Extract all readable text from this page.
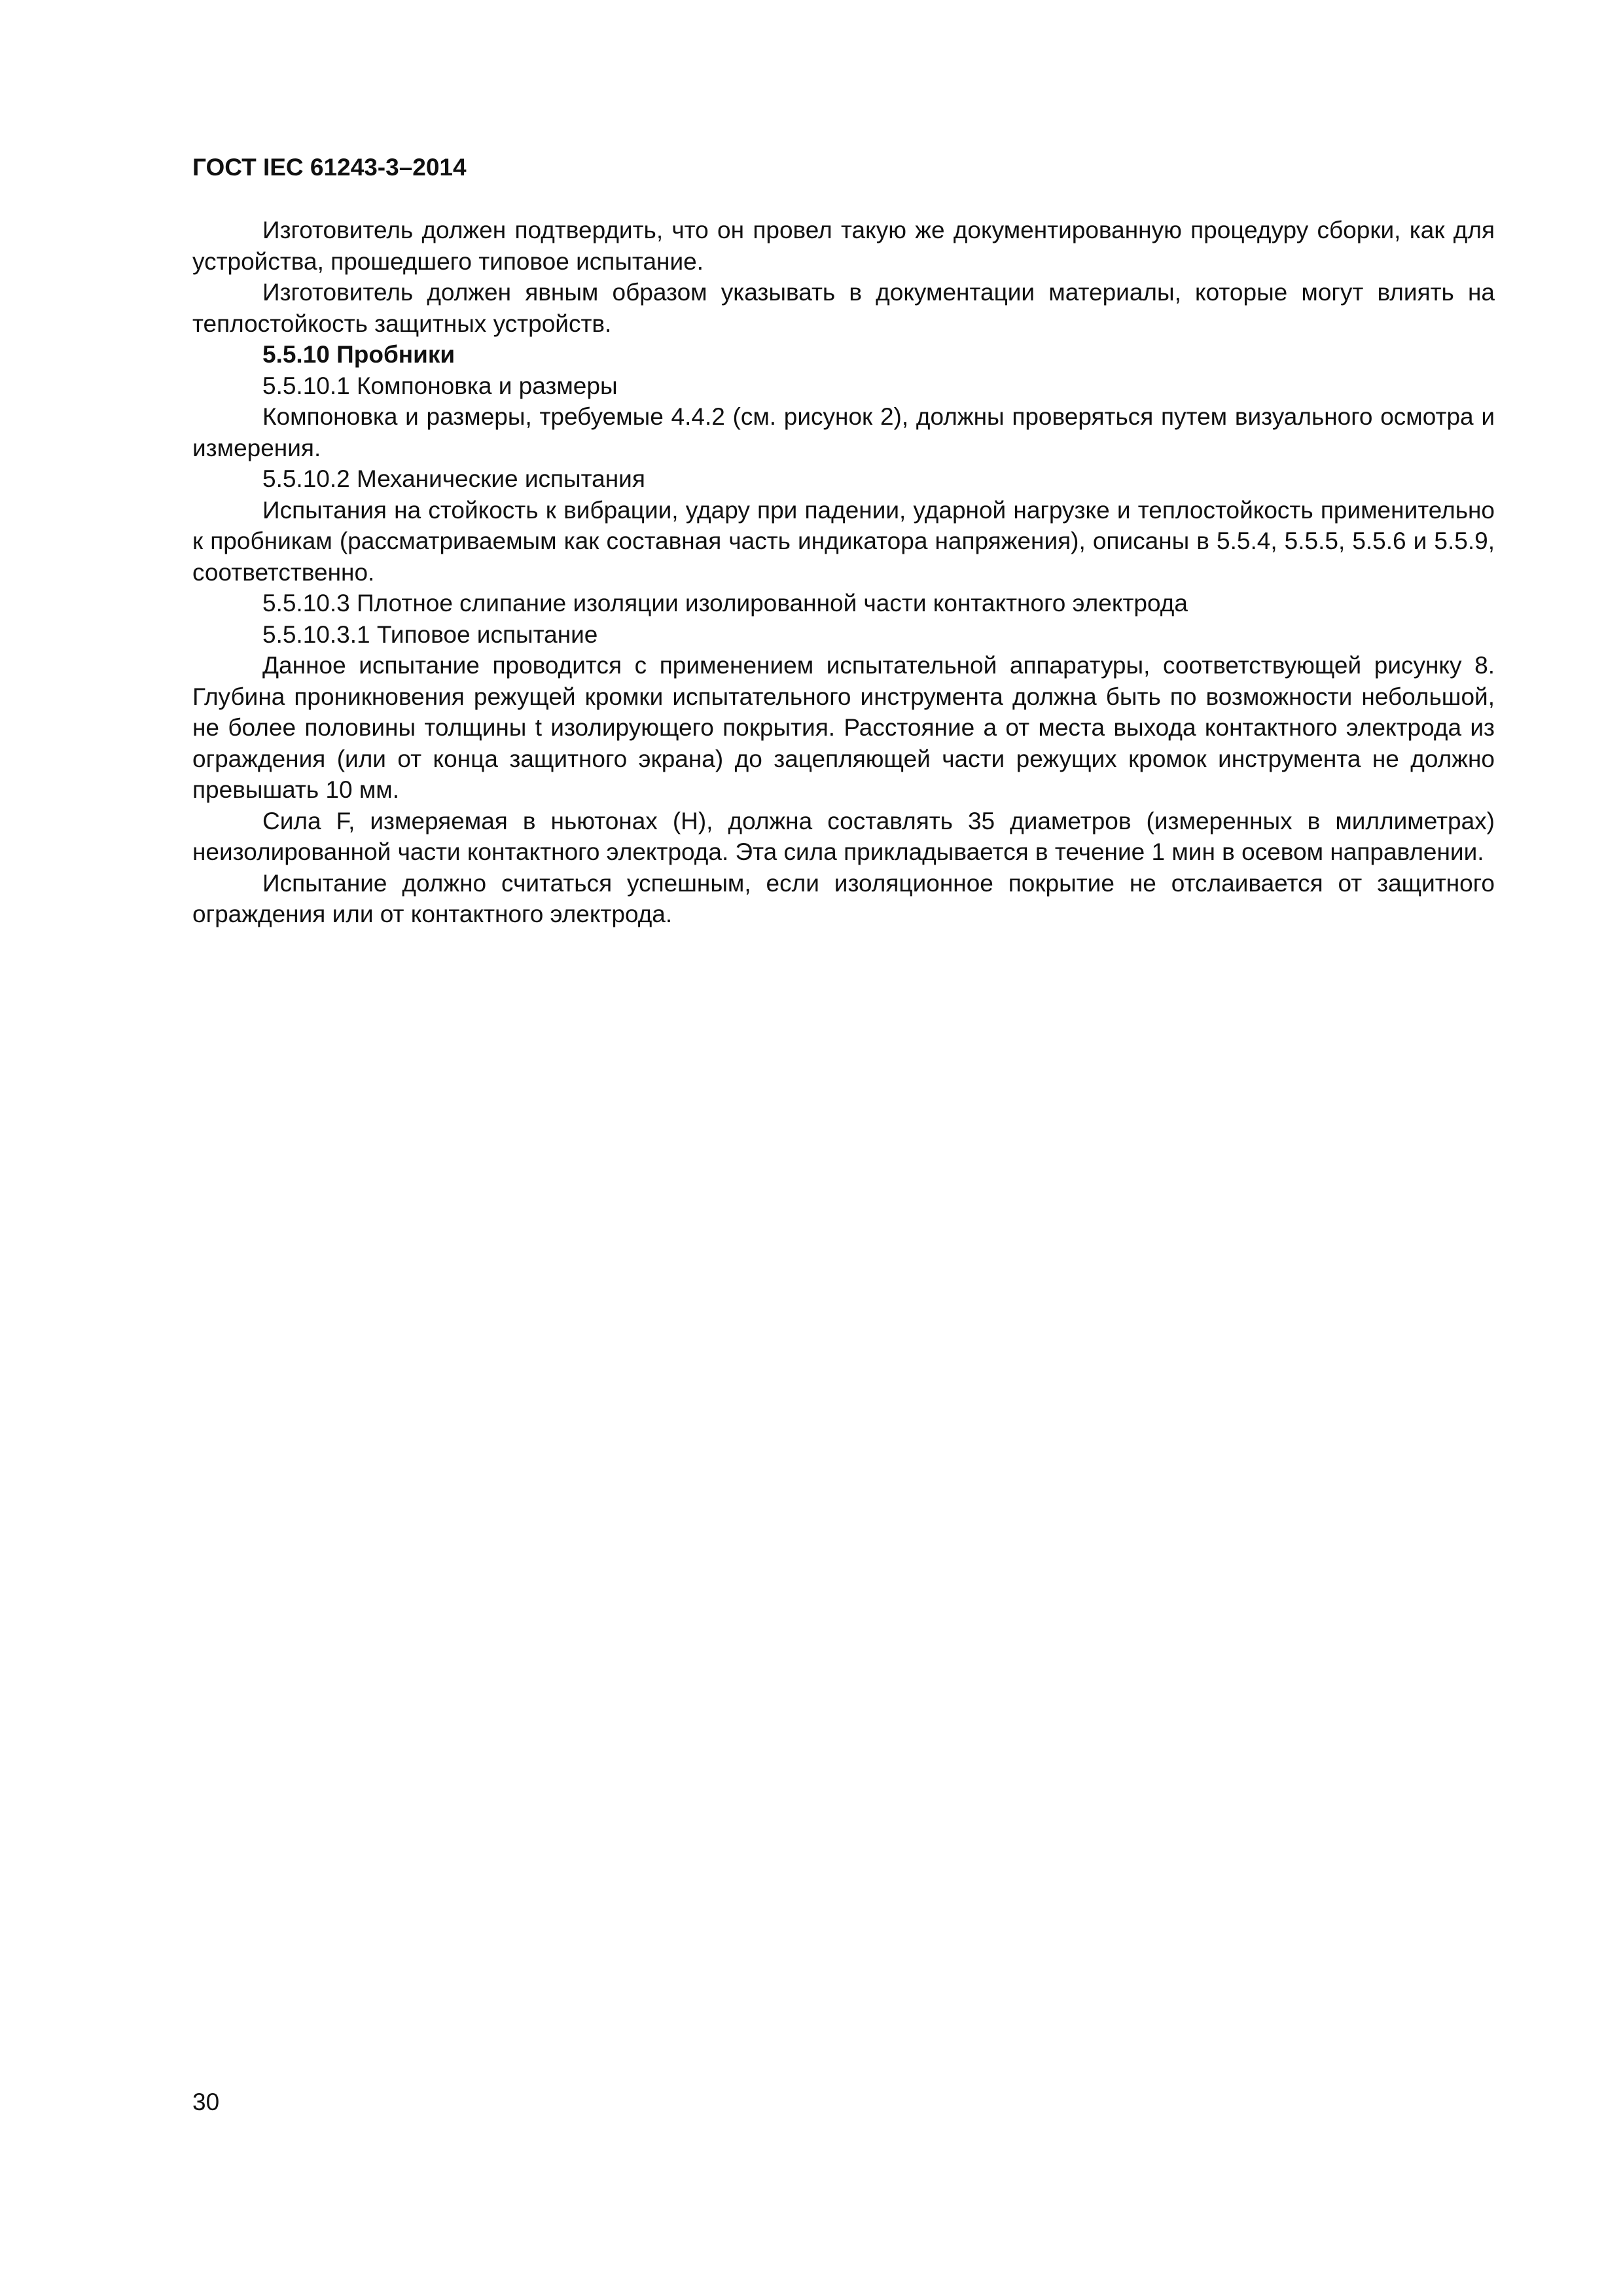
ГОСТ IEC 61243-3–2014

Изготовитель должен подтвердить, что он провел такую же документированную процедуру сборки, как для устройства, прошедшего типовое испытание.

Изготовитель должен явным образом указывать в документации материалы, которые могут влиять на теплостойкость защитных устройств.

5.5.10 Пробники

5.5.10.1 Компоновка и размеры

Компоновка и размеры, требуемые 4.4.2 (см. рисунок 2), должны проверяться путем визуального осмотра и измерения.

5.5.10.2 Механические испытания

Испытания на стойкость к вибрации, удару при падении, ударной нагрузке и теплостойкость применительно к пробникам (рассматриваемым как составная часть индикатора напряжения), описаны в 5.5.4, 5.5.5, 5.5.6 и 5.5.9, соответственно.

5.5.10.3 Плотное слипание изоляции изолированной части контактного электрода

5.5.10.3.1 Типовое испытание

Данное испытание проводится с применением испытательной аппаратуры, соответствующей рисунку 8. Глубина проникновения режущей кромки испытательного инструмента должна быть по возможности небольшой, не более половины толщины t изолирующего покрытия. Расстояние a от места выхода контактного электрода из ограждения (или от конца защитного экрана) до зацепляющей части режущих кромок инструмента не должно превышать 10 мм.

Сила F, измеряемая в ньютонах (Н), должна составлять 35 диаметров (измеренных в миллиметрах) неизолированной части контактного электрода. Эта сила прикладывается в течение 1 мин в осевом направлении.

Испытание должно считаться успешным, если изоляционное покрытие не отслаивается от защитного ограждения или от контактного электрода.

30
